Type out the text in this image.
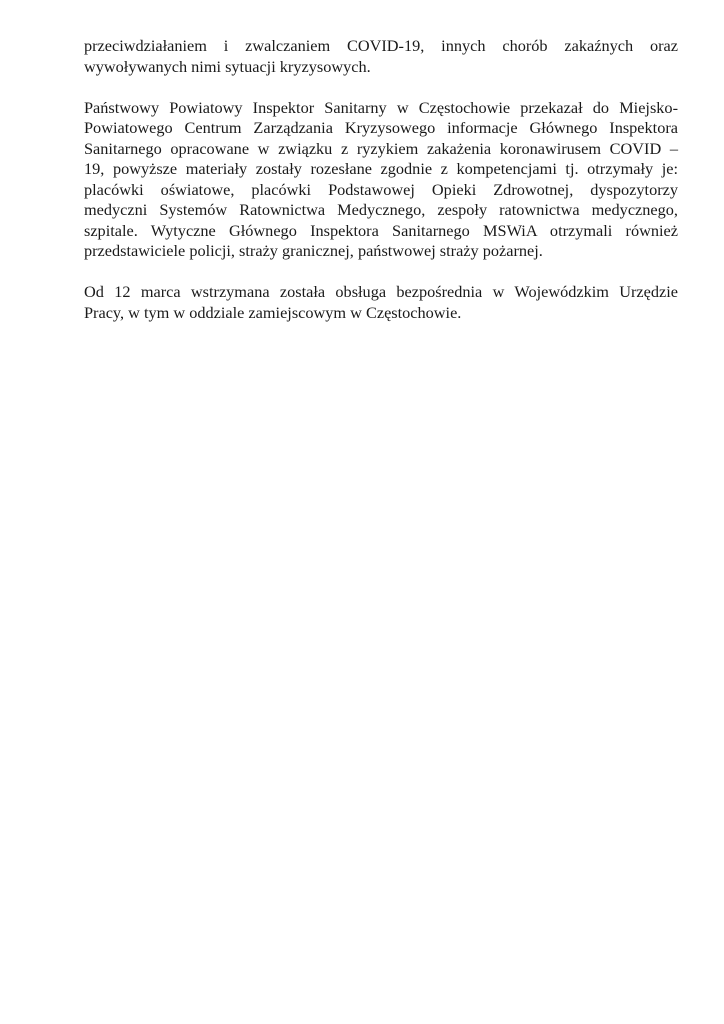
przeciwdziałaniem i zwalczaniem COVID-19, innych chorób zakaźnych oraz
wywoływanych nimi sytuacji kryzysowych.

Państwowy Powiatowy Inspektor Sanitarny w Częstochowie przekazał do Miejsko-
Powiatowego Centrum Zarządzania Kryzysowego informacje Głównego Inspektora
Sanitarnego opracowane w związku z ryzykiem zakażenia koronawirusem COVID –
19, powyższe materiały zostały rozesłane zgodnie z kompetencjami tj. otrzymały je:
placówki oświatowe, placówki Podstawowej Opieki Zdrowotnej, dyspozytorzy
medyczni Systemów Ratownictwa Medycznego, zespoły ratownictwa medycznego,
szpitale. Wytyczne Głównego Inspektora Sanitarnego MSWiA otrzymali również
przedstawiciele policji, straży granicznej, państwowej straży pożarnej.

Od 12 marca wstrzymana została obsługa bezpośrednia w Wojewódzkim Urzędzie
Pracy, w tym w oddziale zamiejscowym w Częstochowie.
